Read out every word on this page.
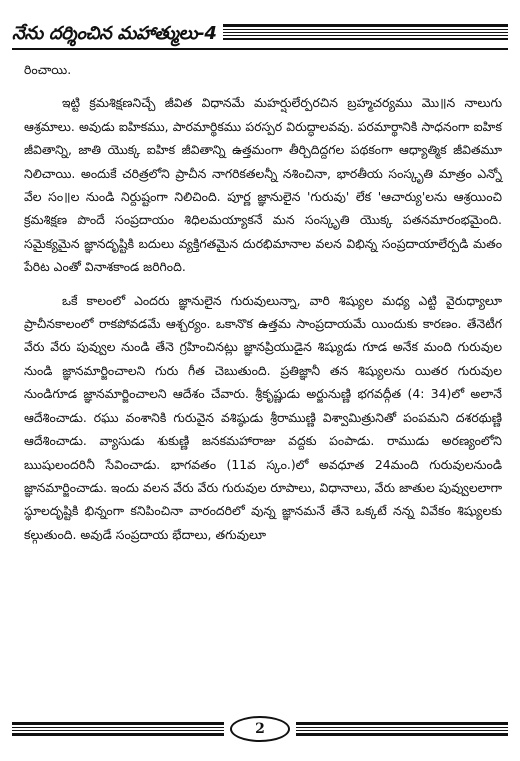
నేను దర్శించిన మహాత్ములు-4

రించాయి.

ఇట్టి క్రమశిక్షణనిచ్చే జీవిత విధానమే మహర్షులేర్పరచిన బ్రహ్మచర్యము మొ॥న నాలుగు ఆశ్రమాలు. అవుడు ఐహికము, పారమార్థికము పరస్పర విరుద్ధాలవవు. పరమార్థానికి సాధనంగా ఐహిక జీవితాన్ని, జాతి యొక్క ఐహిక జీవితాన్ని ఉత్తమంగా తీర్చిదిద్దగల పథకంగా ఆధ్యాత్మిక జీవితమూ నిలిచాయి. అందుకే చరిత్రలోని ప్రాచీన నాగరికతలన్నీ నశించినా, భారతీయ సంస్కృతి మాత్రం ఎన్నో వేల సం॥ల నుండి నిర్దుష్టంగా నిలిచింది. పూర్ణ జ్ఞానులైన 'గురువు' లేక 'ఆచార్యు'లను ఆశ్రయించి క్రమశిక్షణ పొందే సంప్రదాయం శిధిలమయ్యాకనే మన సంస్కృతి యొక్క పతనమారంభమైంది. సమైక్యమైన జ్ఞానదృష్టికి బదులు వ్యక్తిగతమైన దురభిమానాల వలన విభిన్న సంప్రదాయాలేర్పడి మతం పేరిట ఎంతో వినాశకాండ జరిగింది.

ఒకే కాలంలో ఎందరు జ్ఞానులైన గురువులున్నా, వారి శిష్యుల మధ్య ఎట్టి వైరుధ్యాలూ ప్రాచీనకాలంలో రాకపోవడమే ఆశ్చర్యం. ఒకానొక ఉత్తమ సాంప్రదాయమే యిందుకు కారణం. తేనెటీగ వేరు వేరు పువ్వుల నుండి తేనె గ్రహించినట్లు జ్ఞానప్రియుడైన శిష్యుడు గూడ అనేక మంది గురువుల నుండి జ్ఞానమార్జించాలని గురు గీత చెబుతుంది. ప్రతిజ్ఞానీ తన శిష్యులను యితర గురువుల నుండిగూడ జ్ఞానమార్జించాలని ఆదేశం చేవారు. శ్రీకృష్ణుడు అర్జునుణ్ణి భగవద్గీత (4: 34)లో అలానే ఆదేశించాడు. రఘు వంశానికి గురువైన వశిష్ఠుడు శ్రీరాముణ్ణి విశ్వామిత్రునితో పంపమని దశరథుణ్ణి ఆదేశించాడు. వ్యాసుడు శుకుణ్ణి జనకమహారాజు వద్దకు పంపాడు. రాముడు అరణ్యంలోని ఋషులందరినీ సేవించాడు. భాగవతం (11వ స్కం.)లో అవధూత 24మంది గురువులనుండి జ్ఞానమార్జించాడు. ఇందు వలన వేరు వేరు గురువుల రూపాలు, విధానాలు, వేరు జాతుల పువ్వులలాగా స్థూలదృష్టికి భిన్నంగా కనిపించినా వారందరిలో వున్న జ్ఞానమనే తేనె ఒక్కటే నన్న వివేకం శిష్యులకు కల్గుతుంది. అవుడే సంప్రదాయ భేదాలు, తగువులూ

2
